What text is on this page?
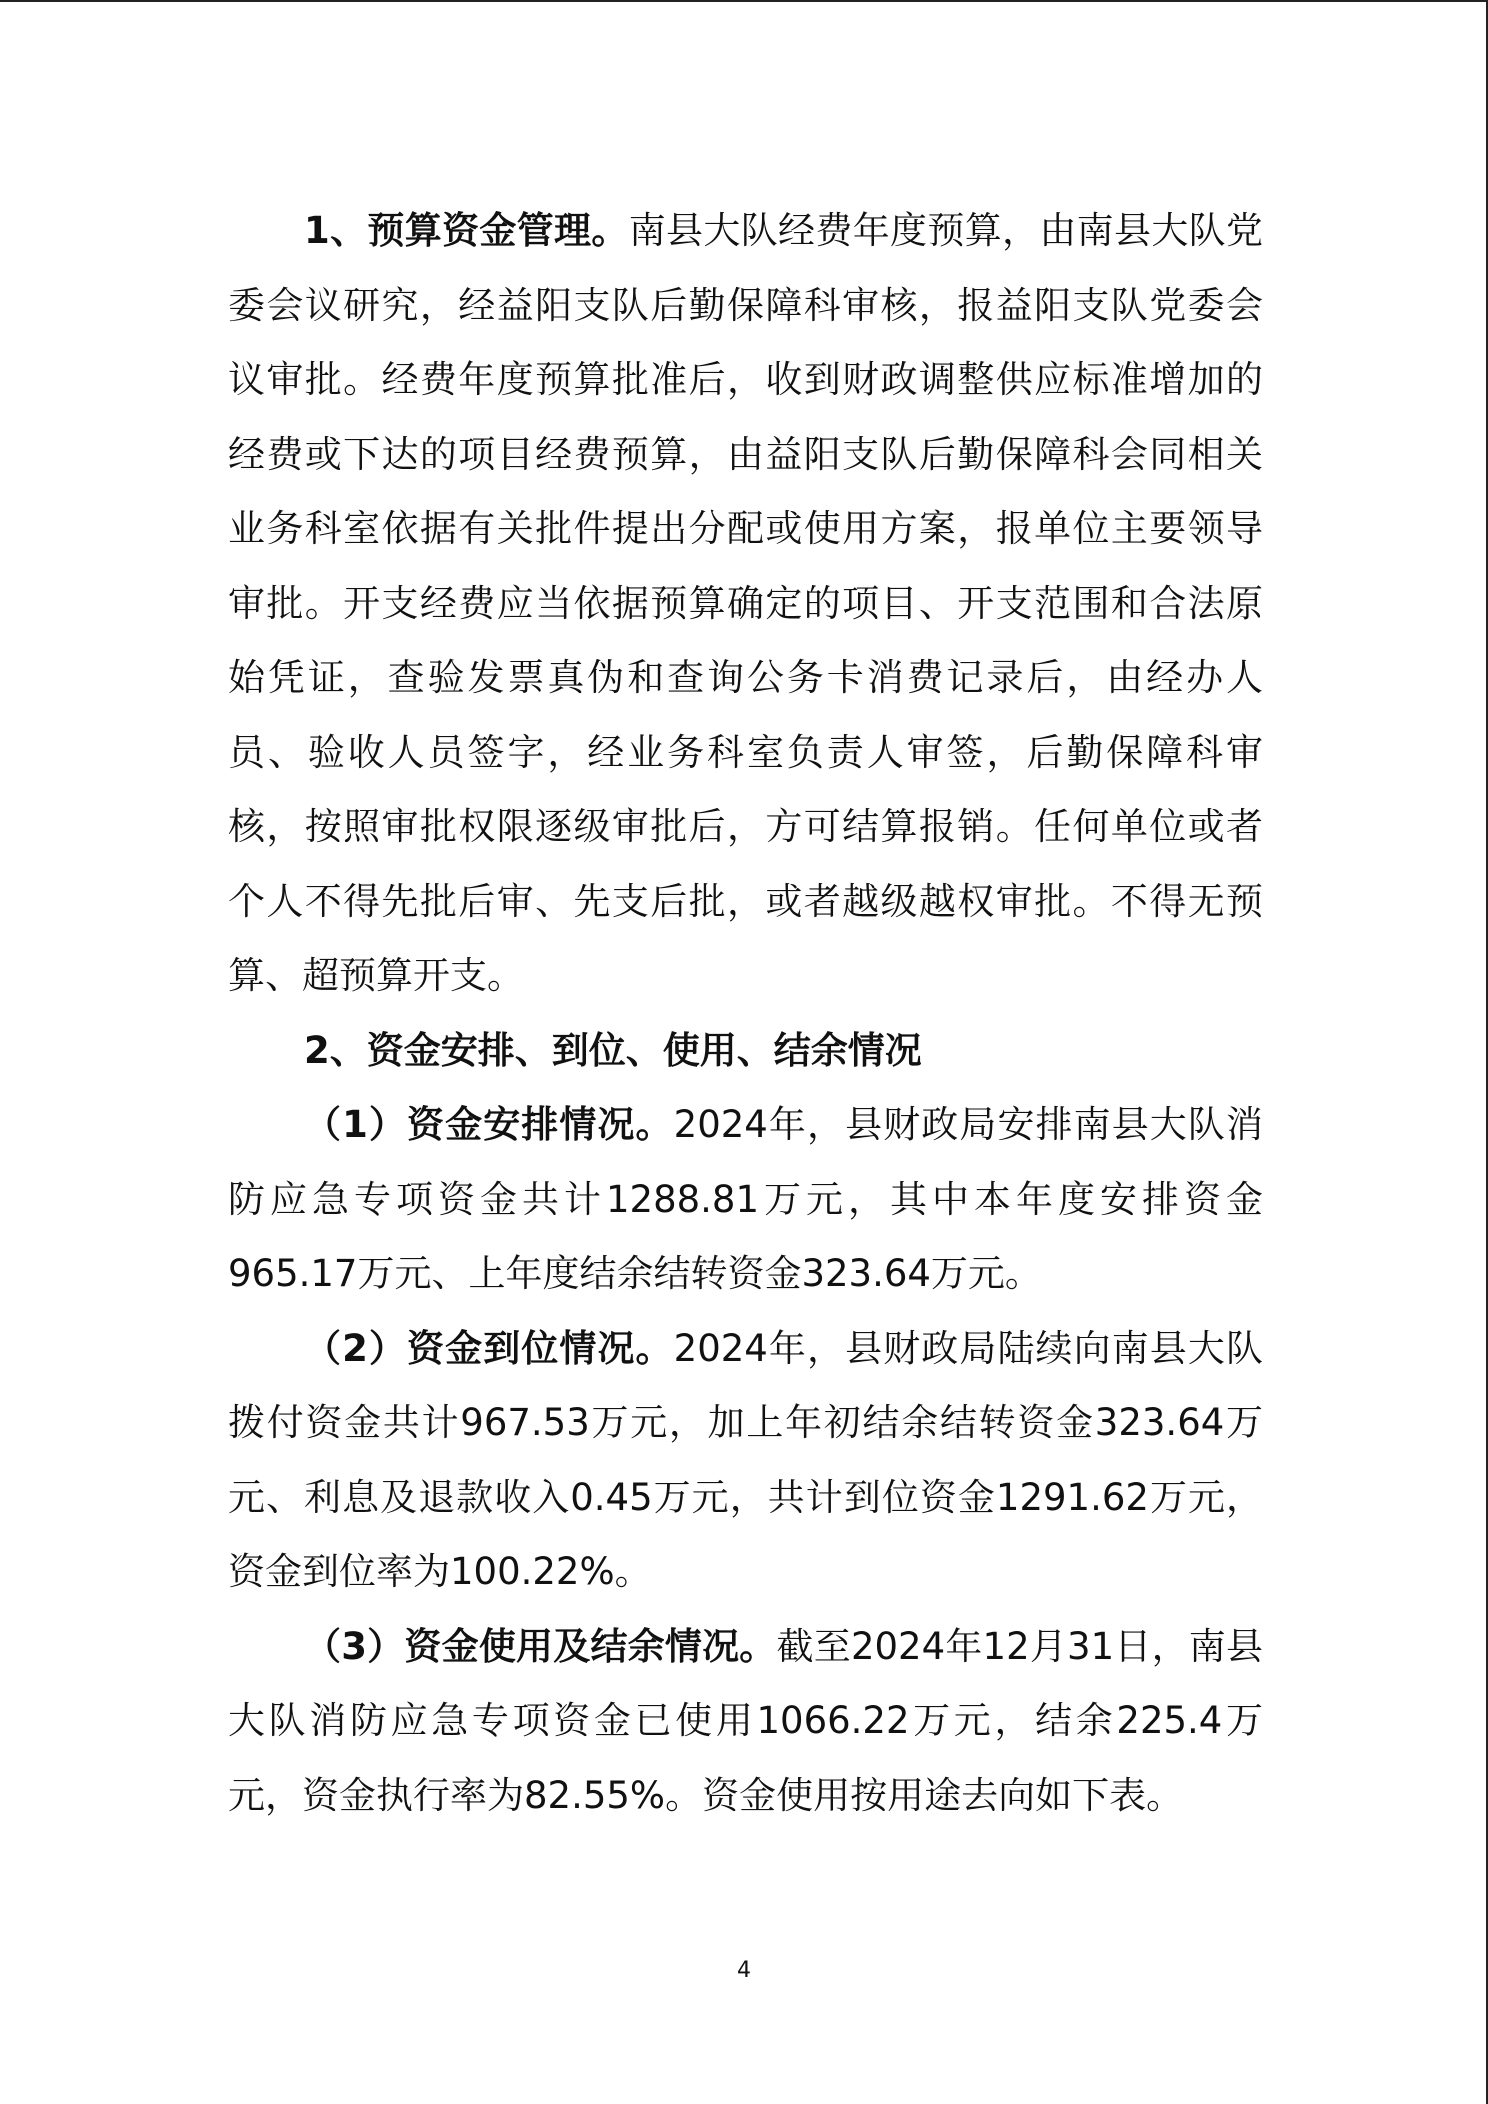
1、预算资金管理。南县大队经费年度预算，由南县大队党委会议研究，经益阳支队后勤保障科审核，报益阳支队党委会议审批。经费年度预算批准后，收到财政调整供应标准增加的经费或下达的项目经费预算，由益阳支队后勤保障科会同相关业务科室依据有关批件提出分配或使用方案，报单位主要领导审批。开支经费应当依据预算确定的项目、开支范围和合法原始凭证，查验发票真伪和查询公务卡消费记录后，由经办人员、验收人员签字，经业务科室负责人审签，后勤保障科审核，按照审批权限逐级审批后，方可结算报销。任何单位或者个人不得先批后审、先支后批，或者越级越权审批。不得无预算、超预算开支。

2、资金安排、到位、使用、结余情况

（1）资金安排情况。2024年，县财政局安排南县大队消防应急专项资金共计1288.81万元，其中本年度安排资金965.17万元、上年度结余结转资金323.64万元。

（2）资金到位情况。2024年，县财政局陆续向南县大队拨付资金共计967.53万元，加上年初结余结转资金323.64万元、利息及退款收入0.45万元，共计到位资金1291.62万元，资金到位率为100.22%。

（3）资金使用及结余情况。截至2024年12月31日，南县大队消防应急专项资金已使用1066.22万元，结余225.4万元，资金执行率为82.55%。资金使用按用途去向如下表。

4
